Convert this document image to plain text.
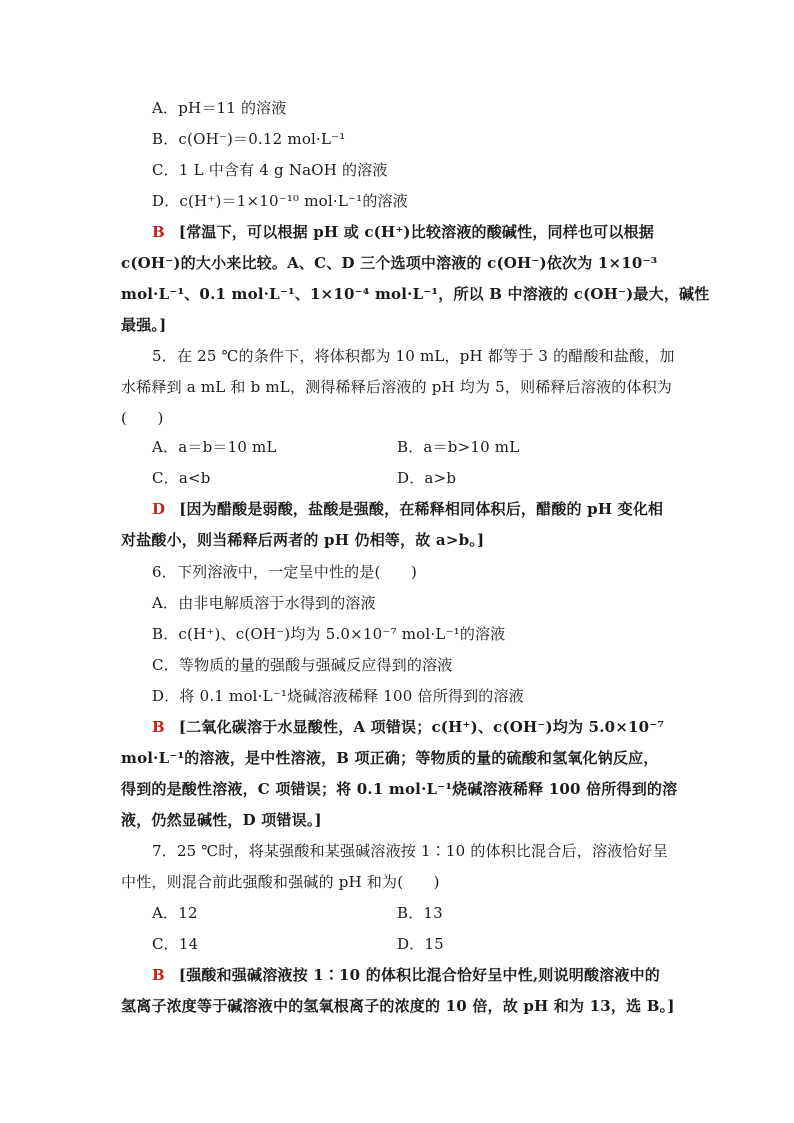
A．pH＝11 的溶液
B．c(OH⁻)＝0.12 mol·L⁻¹
C．1 L 中含有 4 g NaOH 的溶液
D．c(H⁺)＝1×10⁻¹⁰ mol·L⁻¹的溶液
B [常温下，可以根据 pH 或 c(H⁺)比较溶液的酸碱性，同样也可以根据
c(OH⁻)的大小来比较。A、C、D 三个选项中溶液的 c(OH⁻)依次为 1×10⁻³
mol·L⁻¹、0.1 mol·L⁻¹、1×10⁻⁴ mol·L⁻¹，所以 B 中溶液的 c(OH⁻)最大，碱性
最强。]
5．在 25 ℃的条件下，将体积都为 10 mL，pH 都等于 3 的醋酸和盐酸，加
水稀释到 a mL 和 b mL，测得稀释后溶液的 pH 均为 5，则稀释后溶液的体积为
(　　)
A．a＝b＝10 mL	B．a＝b>10 mL
C．a<b	D．a>b
D [因为醋酸是弱酸，盐酸是强酸，在稀释相同体积后，醋酸的 pH 变化相
对盐酸小，则当稀释后两者的 pH 仍相等，故 a>b。]
6．下列溶液中，一定呈中性的是(　　)
A．由非电解质溶于水得到的溶液
B．c(H⁺)、c(OH⁻)均为 5.0×10⁻⁷ mol·L⁻¹的溶液
C．等物质的量的强酸与强碱反应得到的溶液
D．将 0.1 mol·L⁻¹烧碱溶液稀释 100 倍所得到的溶液
B [二氧化碳溶于水显酸性，A 项错误；c(H⁺)、c(OH⁻)均为 5.0×10⁻⁷
mol·L⁻¹的溶液，是中性溶液，B 项正确；等物质的量的硫酸和氢氧化钠反应，
得到的是酸性溶液，C 项错误；将 0.1 mol·L⁻¹烧碱溶液稀释 100 倍所得到的溶
液，仍然显碱性，D 项错误。]
7．25 ℃时，将某强酸和某强碱溶液按 1∶10 的体积比混合后，溶液恰好呈
中性，则混合前此强酸和强碱的 pH 和为(　　)
A．12	B．13
C．14	D．15
B [强酸和强碱溶液按 1∶10 的体积比混合恰好呈中性,则说明酸溶液中的
氢离子浓度等于碱溶液中的氢氧根离子的浓度的 10 倍，故 pH 和为 13，选 B。]
